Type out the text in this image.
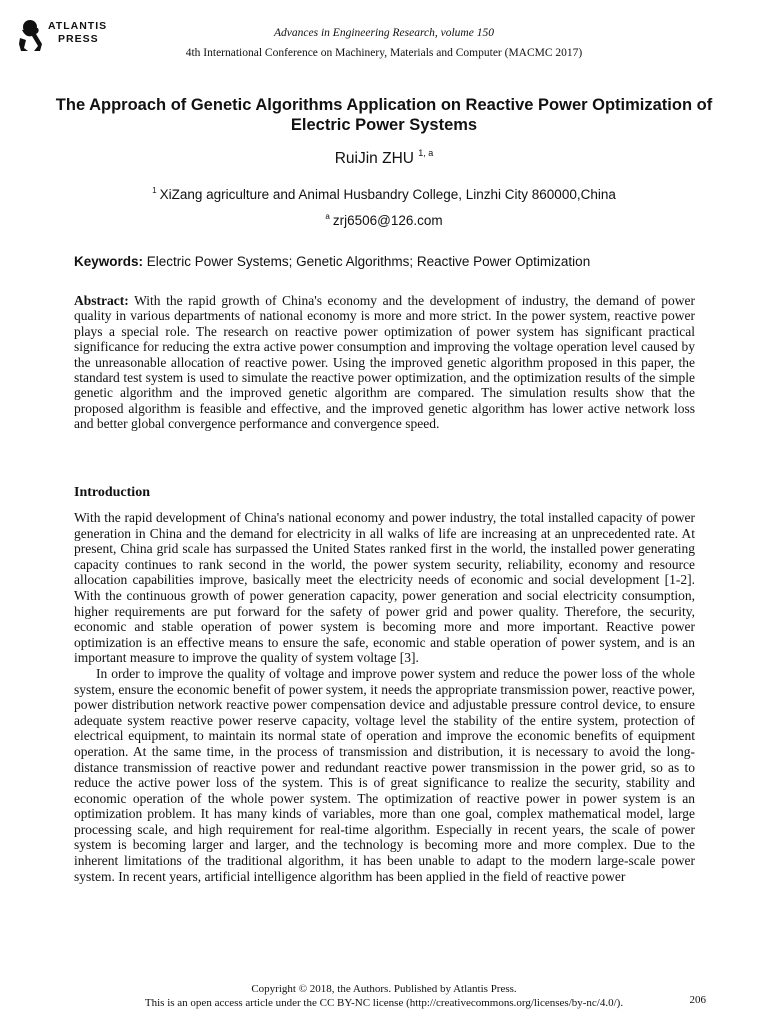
ATLANTIS
PRESS	Advances in Engineering Research, volume 150
4th International Conference on Machinery, Materials and Computer (MACMC 2017)
The Approach of Genetic Algorithms Application on Reactive Power Optimization of Electric Power Systems
RuiJin ZHU $^{1, a}$
$^1$ XiZang agriculture and Animal Husbandry College, Linzhi City 860000,China
$^a$ zrj6506@126.com
Keywords: Electric Power Systems; Genetic Algorithms; Reactive Power Optimization
Abstract: With the rapid growth of China's economy and the development of industry, the demand of power quality in various departments of national economy is more and more strict. In the power system, reactive power plays a special role. The research on reactive power optimization of power system has significant practical significance for reducing the extra active power consumption and improving the voltage operation level caused by the unreasonable allocation of reactive power. Using the improved genetic algorithm proposed in this paper, the standard test system is used to simulate the reactive power optimization, and the optimization results of the simple genetic algorithm and the improved genetic algorithm are compared. The simulation results show that the proposed algorithm is feasible and effective, and the improved genetic algorithm has lower active network loss and better global convergence performance and convergence speed.
Introduction

With the rapid development of China's national economy and power industry, the total installed capacity of power generation in China and the demand for electricity in all walks of life are increasing at an unprecedented rate. At present, China grid scale has surpassed the United States ranked first in the world, the installed power generating capacity continues to rank second in the world, the power system security, reliability, economy and resource allocation capabilities improve, basically meet the electricity needs of economic and social development [1-2]. With the continuous growth of power generation capacity, power generation and social electricity consumption, higher requirements are put forward for the safety of power grid and power quality. Therefore, the security, economic and stable operation of power system is becoming more and more important. Reactive power optimization is an effective means to ensure the safe, economic and stable operation of power system, and is an important measure to improve the quality of system voltage [3].

In order to improve the quality of voltage and improve power system and reduce the power loss of the whole system, ensure the economic benefit of power system, it needs the appropriate transmission power, reactive power, power distribution network reactive power compensation device and adjustable pressure control device, to ensure adequate system reactive power reserve capacity, voltage level the stability of the entire system, protection of electrical equipment, to maintain its normal state of operation and improve the economic benefits of equipment operation. At the same time, in the process of transmission and distribution, it is necessary to avoid the long-distance transmission of reactive power and redundant reactive power transmission in the power grid, so as to reduce the active power loss of the system. This is of great significance to realize the security, stability and economic operation of the whole power system. The optimization of reactive power in power system is an optimization problem. It has many kinds of variables, more than one goal, complex mathematical model, large processing scale, and high requirement for real-time algorithm. Especially in recent years, the scale of power system is becoming larger and larger, and the technology is becoming more and more complex. Due to the inherent limitations of the traditional algorithm, it has been unable to adapt to the modern large-scale power system. In recent years, artificial intelligence algorithm has been applied in the field of reactive power

Copyright © 2018, the Authors. Published by Atlantis Press.
This is an open access article under the CC BY-NC license (http://creativecommons.org/licenses/by-nc/4.0/).	206
